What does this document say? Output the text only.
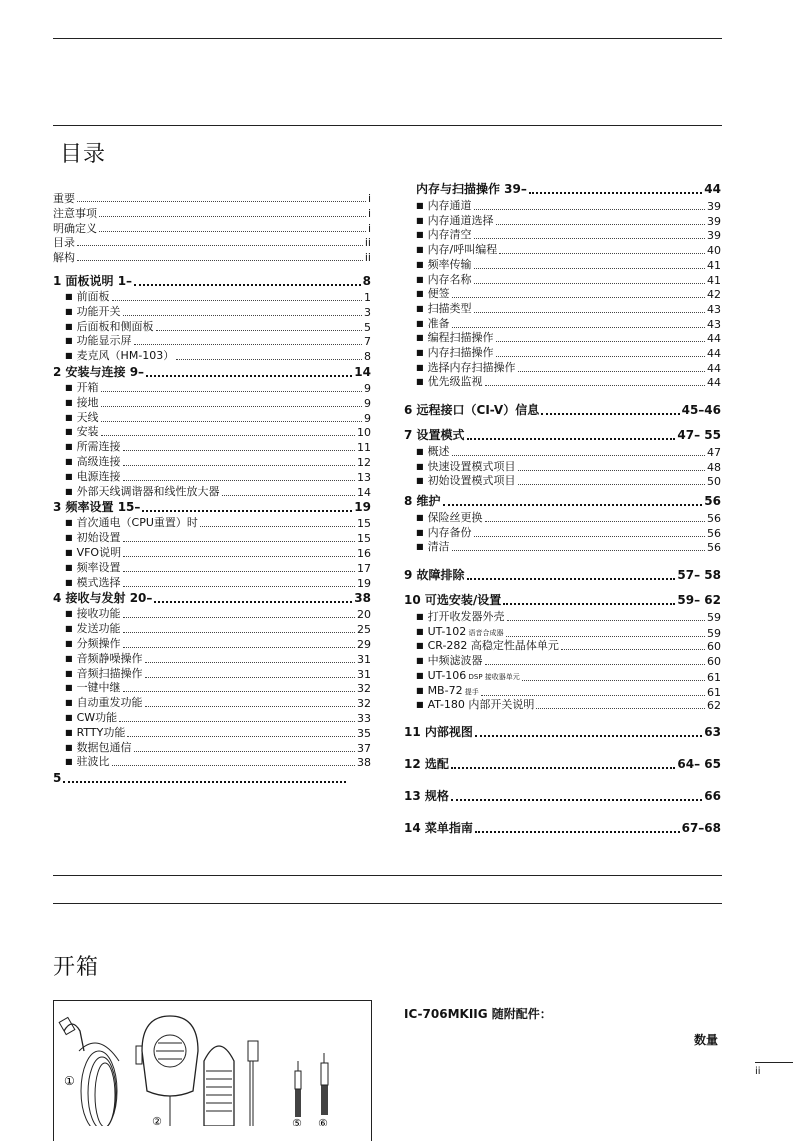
目录
重要	i
注意事项	i
明确定义	i
目录	ii
解构	ii
1 面板说明 1–	8
■ 前面板	1
■ 功能开关	3
■ 后面板和侧面板	5
■ 功能显示屏	7
■ 麦克风（HM-103）	8
2 安装与连接 9–	14
■ 开箱	9
■ 接地	9
■ 天线	9
■ 安装	10
■ 所需连接	11
■ 高级连接	12
■ 电源连接	13
■ 外部天线调谐器和线性放大器	14
3 频率设置 15–	19
■ 首次通电（CPU重置）时	15
■ 初始设置	15
■ VFO说明	16
■ 频率设置	17
■ 模式选择	19
4 接收与发射 20–	38
■ 接收功能	20
■ 发送功能	25
■ 分频操作	29
■ 音频静噪操作	31
■ 音频扫描操作	31
■ 一键中继	32
■ 自动重发功能	32
■ CW功能	33
■ RTTY功能	35
■ 数据包通信	37
■ 驻波比	38
5
内存与扫描操作 39–	44
■ 内存通道	39
■ 内存通道选择	39
■ 内存清空	39
■ 内存/呼叫编程	40
■ 频率传输	41
■ 内存名称	41
■ 便签	42
■ 扫描类型	43
■ 准备	43
■ 编程扫描操作	44
■ 内存扫描操作	44
■ 选择内存扫描操作	44
■ 优先级监视	44
6 远程接口（CI-V）信息	45–46
7 设置模式	47– 55
■ 概述	47
■ 快速设置模式项目	48
■ 初始设置模式项目	50
8 维护	56
■ 保险丝更换	56
■ 内存备份	56
■ 清洁	56
9 故障排除	57– 58
10 可选安装/设置	59– 62
■ 打开收发器外壳	59
■ UT-102 语音合成器	59
■ CR-282 高稳定性晶体单元	60
■ 中频滤波器	60
■ UT-106 DSP 接收器单元	61
■ MB-72 提手	61
■ AT-180 内部开关说明	62
11 内部视图	63
12 选配	64– 65
13 规格	66
14 菜单指南	67–68
开箱
①
②	⑤ ⑥
IC-706MKIIG 随附配件：
数量
ii
